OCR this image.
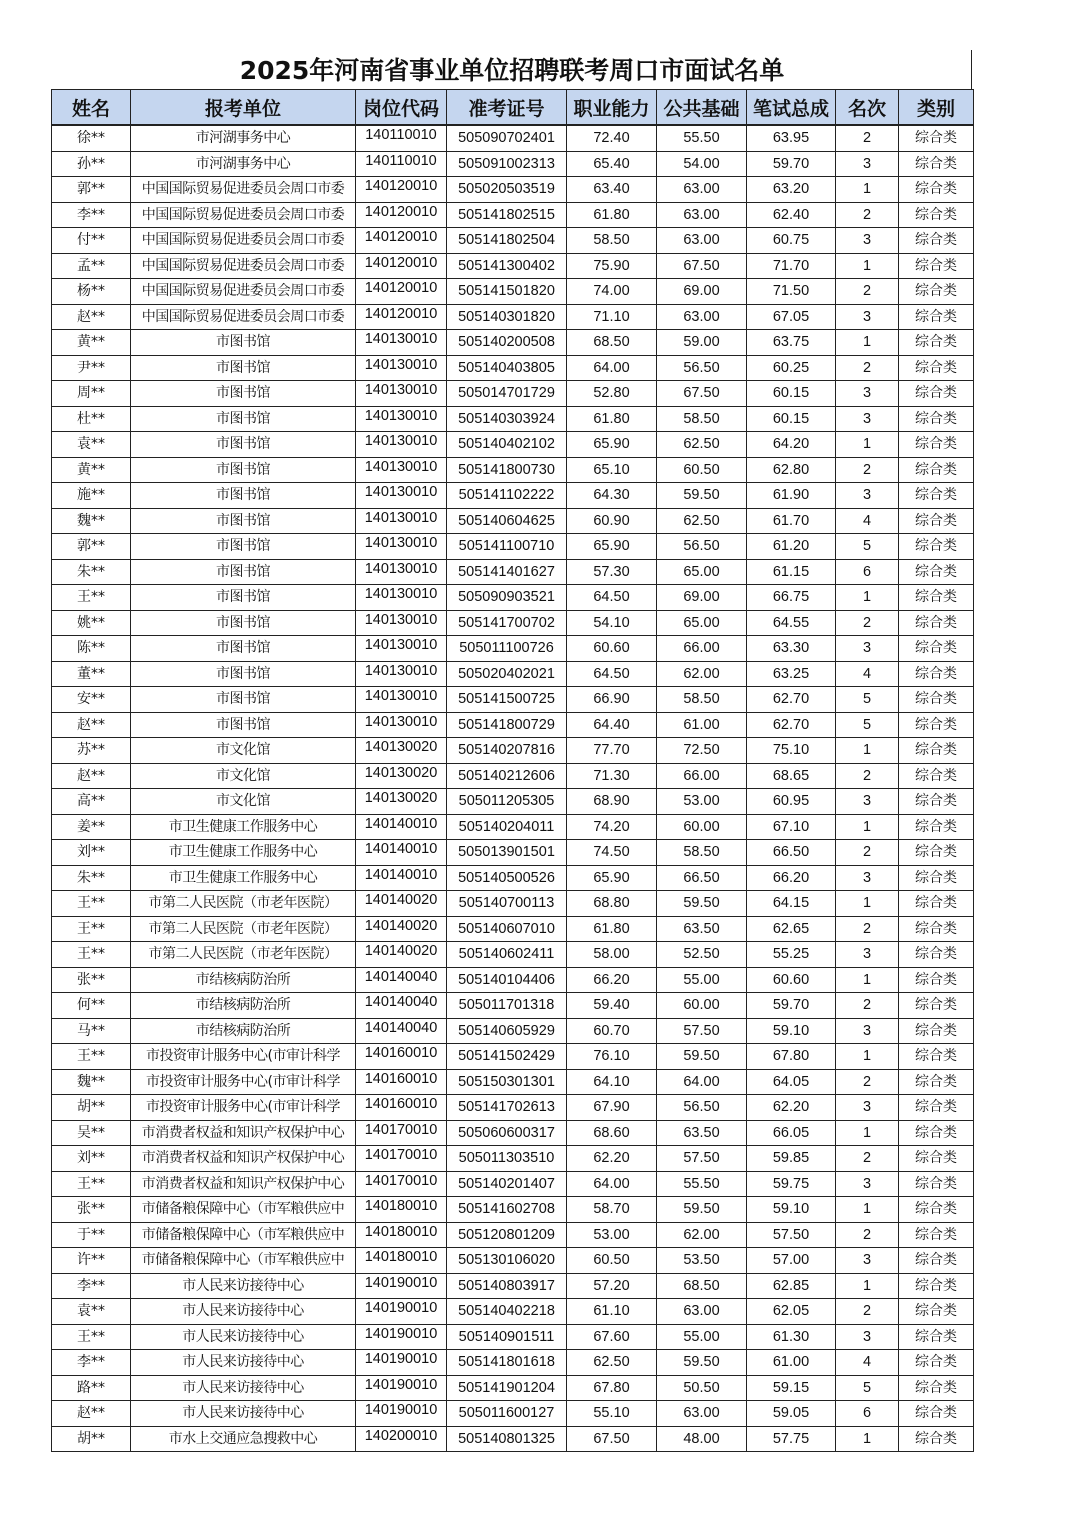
2025年河南省事业单位招聘联考周口市面试名单
姓名	报考单位	岗位代码	准考证号	职业能力	公共基础	笔试总成	名次	类别
徐**	市河湖事务中心	140110010	505090702401	72.40	55.50	63.95	2	综合类
孙**	市河湖事务中心	140110010	505091002313	65.40	54.00	59.70	3	综合类
郭**	中国国际贸易促进委员会周口市委	140120010	505020503519	63.40	63.00	63.20	1	综合类
李**	中国国际贸易促进委员会周口市委	140120010	505141802515	61.80	63.00	62.40	2	综合类
付**	中国国际贸易促进委员会周口市委	140120010	505141802504	58.50	63.00	60.75	3	综合类
孟**	中国国际贸易促进委员会周口市委	140120010	505141300402	75.90	67.50	71.70	1	综合类
杨**	中国国际贸易促进委员会周口市委	140120010	505141501820	74.00	69.00	71.50	2	综合类
赵**	中国国际贸易促进委员会周口市委	140120010	505140301820	71.10	63.00	67.05	3	综合类
黄**	市图书馆	140130010	505140200508	68.50	59.00	63.75	1	综合类
尹**	市图书馆	140130010	505140403805	64.00	56.50	60.25	2	综合类
周**	市图书馆	140130010	505014701729	52.80	67.50	60.15	3	综合类
杜**	市图书馆	140130010	505140303924	61.80	58.50	60.15	3	综合类
袁**	市图书馆	140130010	505140402102	65.90	62.50	64.20	1	综合类
黄**	市图书馆	140130010	505141800730	65.10	60.50	62.80	2	综合类
施**	市图书馆	140130010	505141102222	64.30	59.50	61.90	3	综合类
魏**	市图书馆	140130010	505140604625	60.90	62.50	61.70	4	综合类
郭**	市图书馆	140130010	505141100710	65.90	56.50	61.20	5	综合类
朱**	市图书馆	140130010	505141401627	57.30	65.00	61.15	6	综合类
王**	市图书馆	140130010	505090903521	64.50	69.00	66.75	1	综合类
姚**	市图书馆	140130010	505141700702	54.10	65.00	64.55	2	综合类
陈**	市图书馆	140130010	505011100726	60.60	66.00	63.30	3	综合类
董**	市图书馆	140130010	505020402021	64.50	62.00	63.25	4	综合类
安**	市图书馆	140130010	505141500725	66.90	58.50	62.70	5	综合类
赵**	市图书馆	140130010	505141800729	64.40	61.00	62.70	5	综合类
苏**	市文化馆	140130020	505140207816	77.70	72.50	75.10	1	综合类
赵**	市文化馆	140130020	505140212606	71.30	66.00	68.65	2	综合类
高**	市文化馆	140130020	505011205305	68.90	53.00	60.95	3	综合类
姜**	市卫生健康工作服务中心	140140010	505140204011	74.20	60.00	67.10	1	综合类
刘**	市卫生健康工作服务中心	140140010	505013901501	74.50	58.50	66.50	2	综合类
朱**	市卫生健康工作服务中心	140140010	505140500526	65.90	66.50	66.20	3	综合类
王**	市第二人民医院（市老年医院）	140140020	505140700113	68.80	59.50	64.15	1	综合类
王**	市第二人民医院（市老年医院）	140140020	505140607010	61.80	63.50	62.65	2	综合类
王**	市第二人民医院（市老年医院）	140140020	505140602411	58.00	52.50	55.25	3	综合类
张**	市结核病防治所	140140040	505140104406	66.20	55.00	60.60	1	综合类
何**	市结核病防治所	140140040	505011701318	59.40	60.00	59.70	2	综合类
马**	市结核病防治所	140140040	505140605929	60.70	57.50	59.10	3	综合类
王**	市投资审计服务中心(市审计科学	140160010	505141502429	76.10	59.50	67.80	1	综合类
魏**	市投资审计服务中心(市审计科学	140160010	505150301301	64.10	64.00	64.05	2	综合类
胡**	市投资审计服务中心(市审计科学	140160010	505141702613	67.90	56.50	62.20	3	综合类
吴**	市消费者权益和知识产权保护中心	140170010	505060600317	68.60	63.50	66.05	1	综合类
刘**	市消费者权益和知识产权保护中心	140170010	505011303510	62.20	57.50	59.85	2	综合类
王**	市消费者权益和知识产权保护中心	140170010	505140201407	64.00	55.50	59.75	3	综合类
张**	市储备粮保障中心（市军粮供应中	140180010	505141602708	58.70	59.50	59.10	1	综合类
于**	市储备粮保障中心（市军粮供应中	140180010	505120801209	53.00	62.00	57.50	2	综合类
许**	市储备粮保障中心（市军粮供应中	140180010	505130106020	60.50	53.50	57.00	3	综合类
李**	市人民来访接待中心	140190010	505140803917	57.20	68.50	62.85	1	综合类
袁**	市人民来访接待中心	140190010	505140402218	61.10	63.00	62.05	2	综合类
王**	市人民来访接待中心	140190010	505140901511	67.60	55.00	61.30	3	综合类
李**	市人民来访接待中心	140190010	505141801618	62.50	59.50	61.00	4	综合类
路**	市人民来访接待中心	140190010	505141901204	67.80	50.50	59.15	5	综合类
赵**	市人民来访接待中心	140190010	505011600127	55.10	63.00	59.05	6	综合类
胡**	市水上交通应急搜救中心	140200010	505140801325	67.50	48.00	57.75	1	综合类
